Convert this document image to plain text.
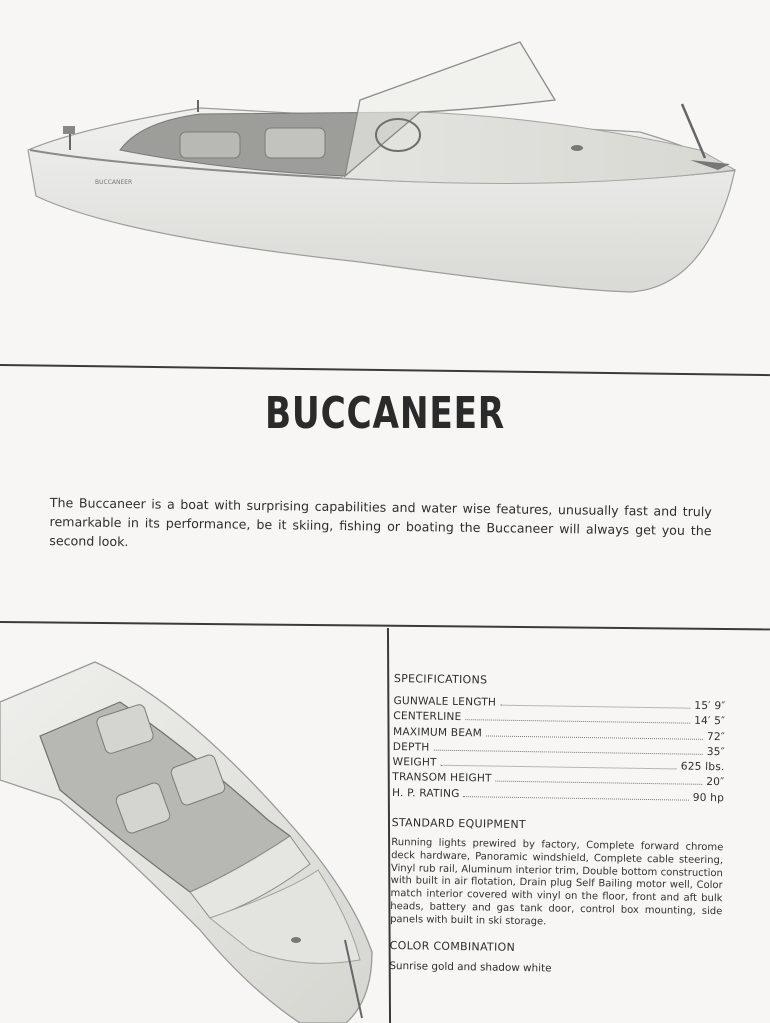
BUCCANEER
BUCCANEER

The Buccaneer is a boat with surprising capabilities and water wise features, unusually fast and truly remarkable in its performance, be it skiing, fishing or boating the Buccaneer will always get you the second look.

SPECIFICATIONS
GUNWALE LENGTH	15′ 9″
CENTERLINE	14′ 5″
MAXIMUM BEAM	72″
DEPTH	35″
WEIGHT	625 lbs.
TRANSOM HEIGHT	20″
H. P. RATING	90 hp
STANDARD EQUIPMENT

Running lights prewired by factory, Complete forward chrome deck hardware, Panoramic windshield, Complete cable steering, Vinyl rub rail, Aluminum interior trim, Double bottom construction with built in air flotation, Drain plug Self Bailing motor well, Color match interior covered with vinyl on the floor, front and aft bulk heads, battery and gas tank door, control box mounting, side panels with built in ski storage.

COLOR COMBINATION

Sunrise gold and shadow white
